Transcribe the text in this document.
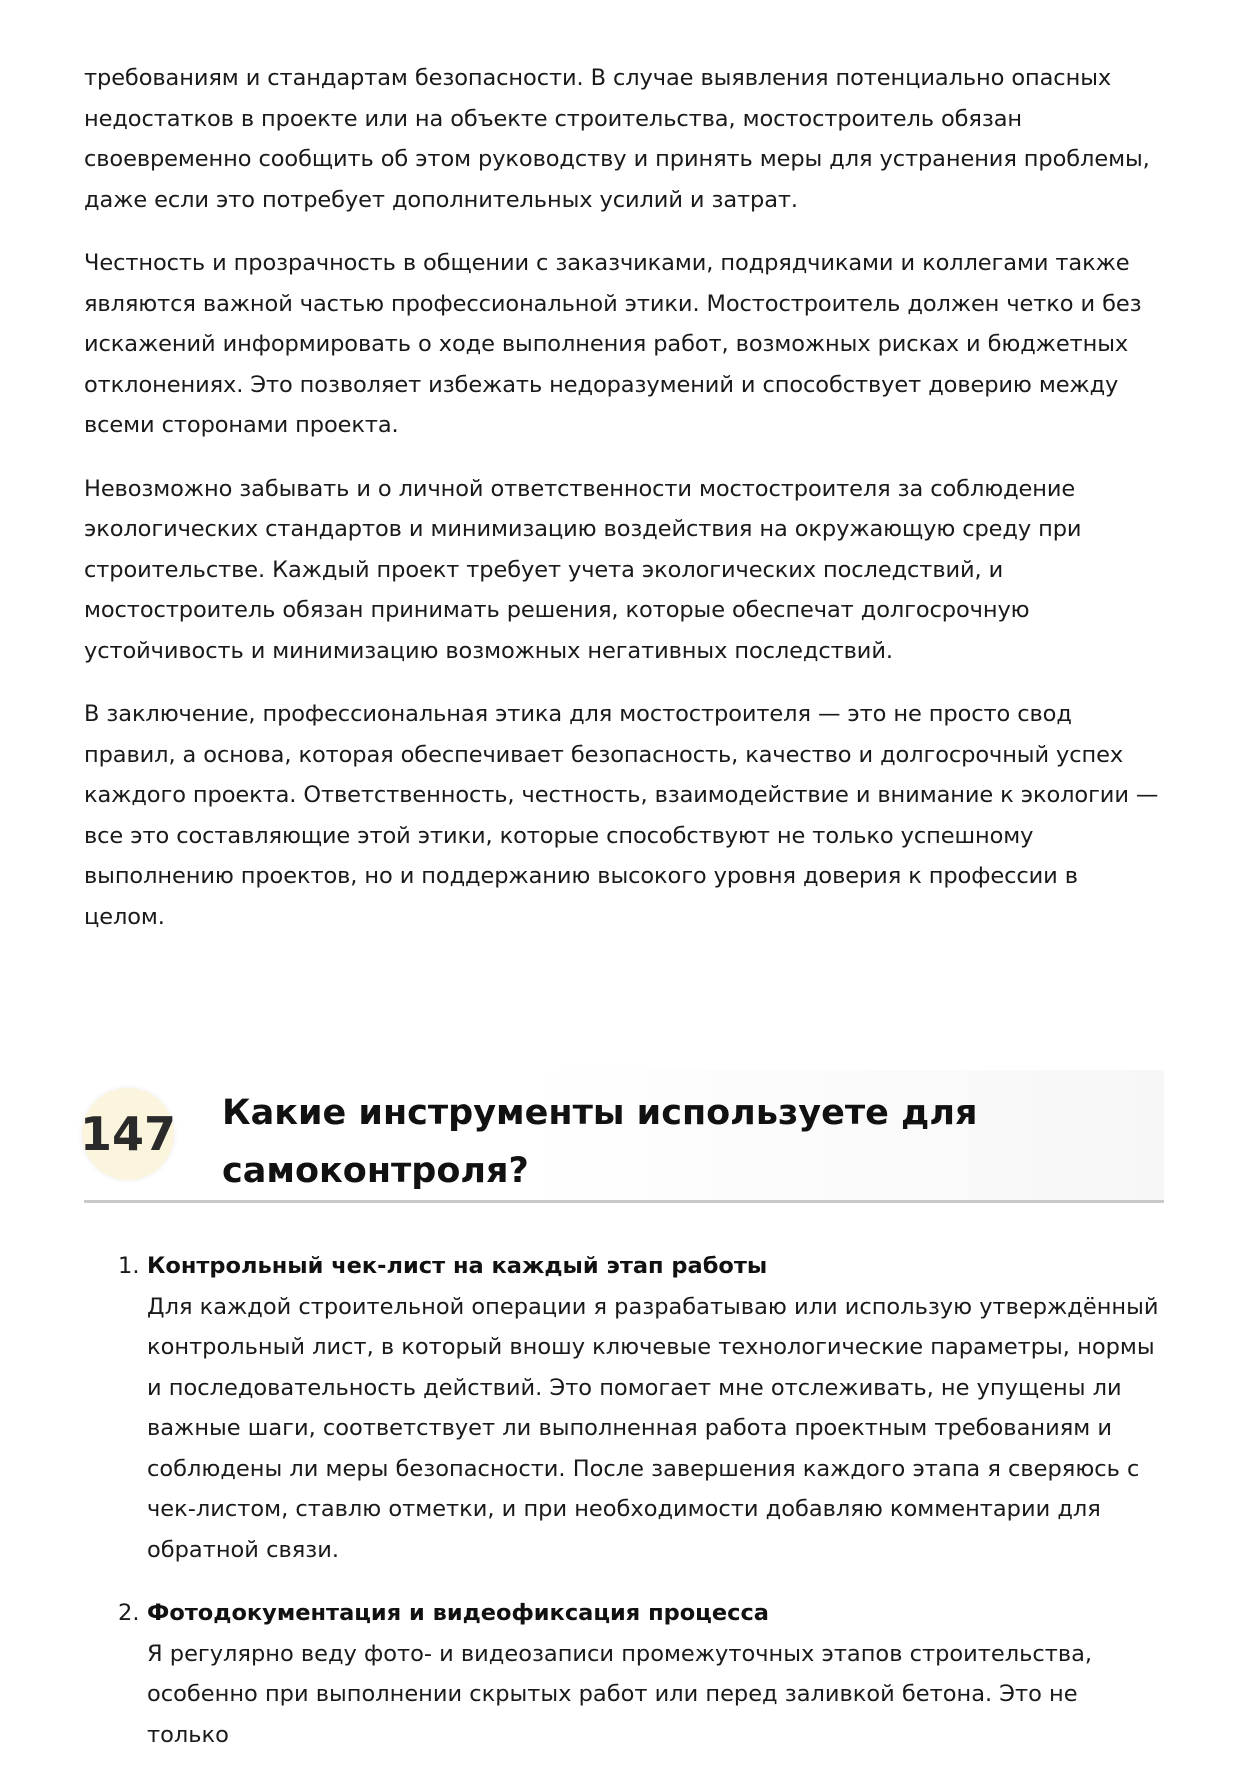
требованиям и стандартам безопасности. В случае выявления потенциально опасных недостатков в проекте или на объекте строительства, мостостроитель обязан своевременно сообщить об этом руководству и принять меры для устранения проблемы, даже если это потребует дополнительных усилий и затрат.

Честность и прозрачность в общении с заказчиками, подрядчиками и коллегами также являются важной частью профессиональной этики. Мостостроитель должен четко и без искажений информировать о ходе выполнения работ, возможных рисках и бюджетных отклонениях. Это позволяет избежать недоразумений и способствует доверию между всеми сторонами проекта.

Невозможно забывать и о личной ответственности мостостроителя за соблюдение экологических стандартов и минимизацию воздействия на окружающую среду при строительстве. Каждый проект требует учета экологических последствий, и мостостроитель обязан принимать решения, которые обеспечат долгосрочную устойчивость и минимизацию возможных негативных последствий.

В заключение, профессиональная этика для мостостроителя — это не просто свод правил, а основа, которая обеспечивает безопасность, качество и долгосрочный успех каждого проекта. Ответственность, честность, взаимодействие и внимание к экологии — все это составляющие этой этики, которые способствуют не только успешному выполнению проектов, но и поддержанию высокого уровня доверия к профессии в целом.

147 Какие инструменты используете для самоконтроля?
1. Контрольный чек-лист на каждый этап работы
Для каждой строительной операции я разрабатываю или использую утверждённый контрольный лист, в который вношу ключевые технологические параметры, нормы и последовательность действий. Это помогает мне отслеживать, не упущены ли важные шаги, соответствует ли выполненная работа проектным требованиям и соблюдены ли меры безопасности. После завершения каждого этапа я сверяюсь с чек-листом, ставлю отметки, и при необходимости добавляю комментарии для обратной связи.
2. Фотодокументация и видеофиксация процесса
Я регулярно веду фото- и видеозаписи промежуточных этапов строительства, особенно при выполнении скрытых работ или перед заливкой бетона. Это не только
